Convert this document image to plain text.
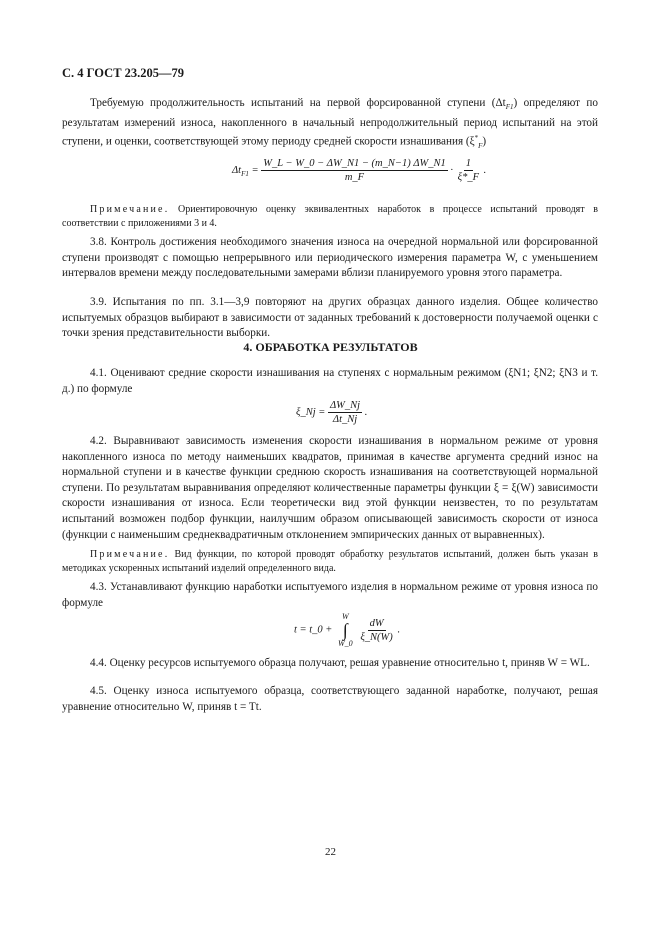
С. 4 ГОСТ 23.205—79

Требуемую продолжительность испытаний на первой форсированной ступени $(\Delta t_{F1})$ определяют по результатам измерений износа, накопленного в начальный непродолжительный период испытаний на этой ступени, и оценки, соответствующей этому периоду средней скорости изнашивания $(\xi^*_F)$

$\Delta t_{F1} = \frac{W\_L - W\_0 - \Delta W\_N1 - (m\_N-1) \Delta W\_N1}{m\_F} \cdot \frac{1}{\xi*\_F}$ .

Примечание. Ориентировочную оценку эквивалентных наработок в процессе испытаний проводят в соответствии с приложениями 3 и 4.

3.8. Контроль достижения необходимого значения износа на очередной нормальной или форсированной ступени производят с помощью непрерывного или периодического измерения параметра W, с уменьшением интервалов времени между последовательными замерами вблизи планируемого уровня этого параметра.

3.9. Испытания по пп. 3.1—3,9 повторяют на других образцах данного изделия. Общее количество испытуемых образцов выбирают в зависимости от заданных требований к достоверности получаемой оценки с точки зрения представительности выборки.

4. ОБРАБОТКА РЕЗУЛЬТАТОВ

4.1. Оценивают средние скорости изнашивания на ступенях с нормальным режимом (ξN1; ξN2; ξN3 и т. д.) по формуле

ξ_Nj = $\frac{\Delta W\_Nj}{\Delta t\_Nj}$ .

4.2. Выравнивают зависимость изменения скорости изнашивания в нормальном режиме от уровня накопленного износа по методу наименьших квадратов, принимая в качестве аргумента средний износ на нормальной ступени и в качестве функции среднюю скорость изнашивания на соответствующей нормальной ступени. По результатам выравнивания определяют количественные параметры функции ξ = ξ(W) зависимости скорости изнашивания от износа. Если теоретически вид этой функции неизвестен, то по результатам испытаний возможен подбор функции, наилучшим образом описывающей зависимость скорости от износа (функции с наименьшим среднеквадратичным отклонением эмпирических данных от выравненных).

Примечание. Вид функции, по которой проводят обработку результатов испытаний, должен быть указан в методиках ускоренных испытаний изделий определенного вида.

4.3. Устанавливают функцию наработки испытуемого изделия в нормальном режиме от уровня износа по формуле

t = t_0 +
W
∫
W_0

$\frac{dW}{\xi\_N(W)}$ .

4.4. Оценку ресурсов испытуемого образца получают, решая уравнение относительно t, приняв W = WL.

4.5. Оценку износа испытуемого образца, соответствующего заданной наработке, получают, решая уравнение относительно W, приняв t = Tt.

22
